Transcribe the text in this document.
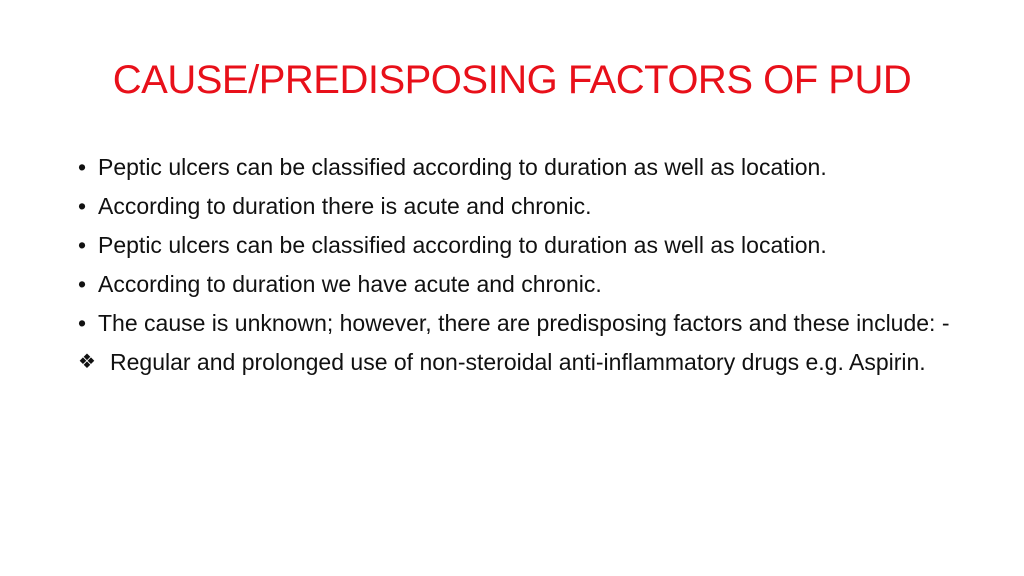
CAUSE/PREDISPOSING FACTORS OF PUD
• Peptic ulcers can be classified according to duration as well as location.
• According to duration there is acute and chronic.
• Peptic ulcers can be classified according to duration as well as location.
• According to duration we have acute and chronic.
• The cause is unknown; however, there are predisposing factors and these include: -
❖ Regular and prolonged use of non-steroidal anti-inflammatory drugs e.g. Aspirin.
